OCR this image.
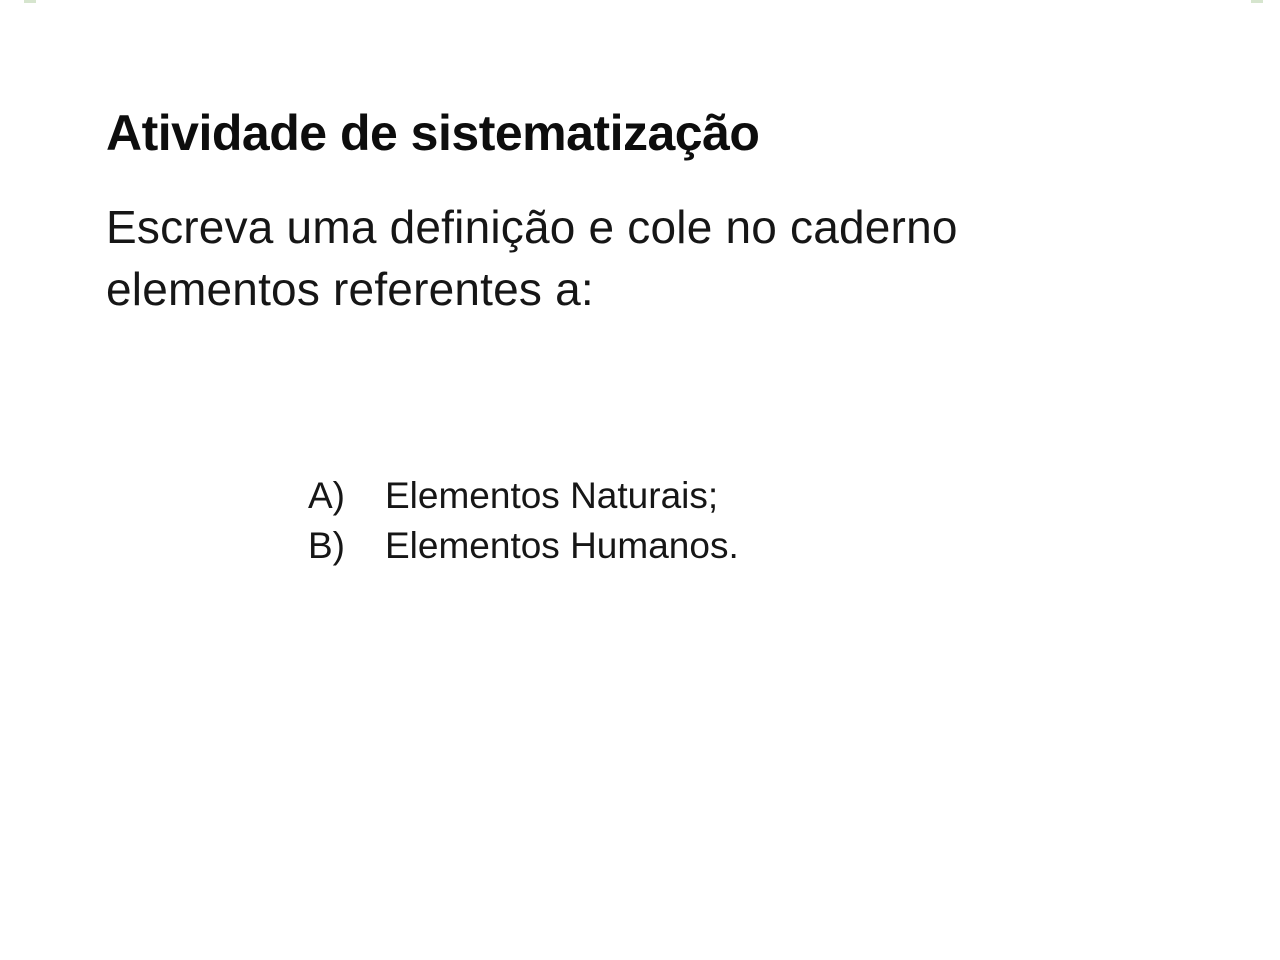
Atividade de sistematização
Escreva uma definição e cole no caderno
elementos referentes a:
A)	Elementos Naturais;
B)	Elementos Humanos.
